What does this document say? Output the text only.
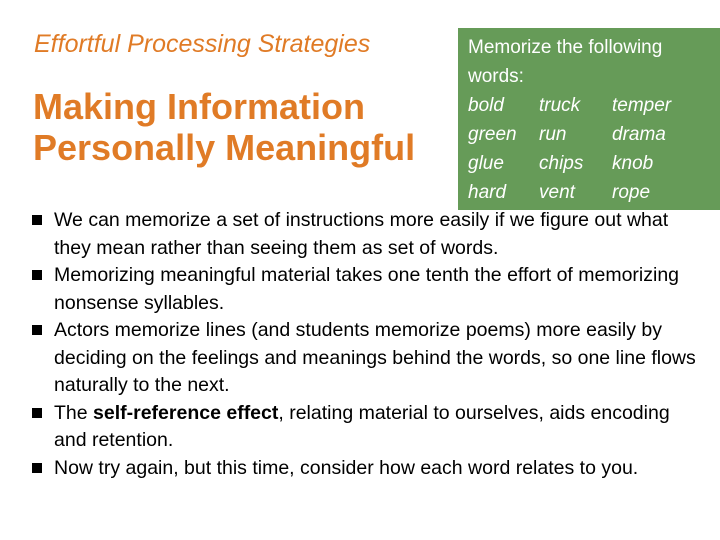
Effortful Processing Strategies
Making Information
Personally Meaningful
Memorize the following
words:
bold	truck	temper
green	run	drama
glue	chips	knob
hard	vent	rope
We can memorize a set of instructions more easily if we figure out what they mean rather than seeing them as set of words.
Memorizing meaningful material takes one tenth the effort of memorizing nonsense syllables.
Actors memorize lines (and students memorize poems) more easily by deciding on the feelings and meanings behind the words, so one line flows naturally to the next.
The self-reference effect, relating material to ourselves, aids encoding and retention.
Now try again, but this time, consider how each word relates to you.
